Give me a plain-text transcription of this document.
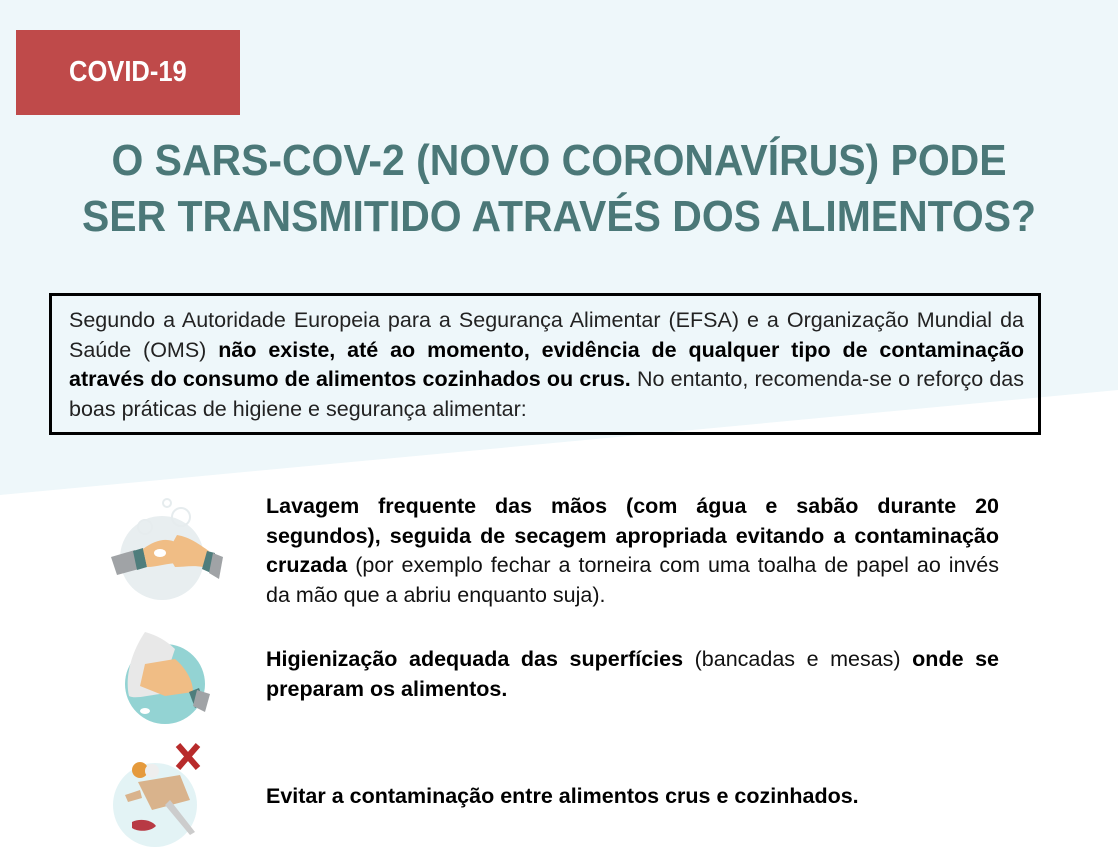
COVID-19
O SARS-COV-2 (NOVO CORONAVÍRUS) PODE
SER TRANSMITIDO ATRAVÉS DOS ALIMENTOS?
Segundo a Autoridade Europeia para a Segurança Alimentar (EFSA) e a Organização Mundial da Saúde (OMS) não existe, até ao momento, evidência de qualquer tipo de contaminação através do consumo de alimentos cozinhados ou crus. No entanto, recomenda-se o reforço das boas práticas de higiene e segurança alimentar:
Lavagem frequente das mãos (com água e sabão durante 20 segundos), seguida de secagem apropriada evitando a contaminação cruzada (por exemplo fechar a torneira com uma toalha de papel ao invés da mão que a abriu enquanto suja).
Higienização adequada das superfícies (bancadas e mesas) onde se preparam os alimentos.
Evitar a contaminação entre alimentos crus e cozinhados.
